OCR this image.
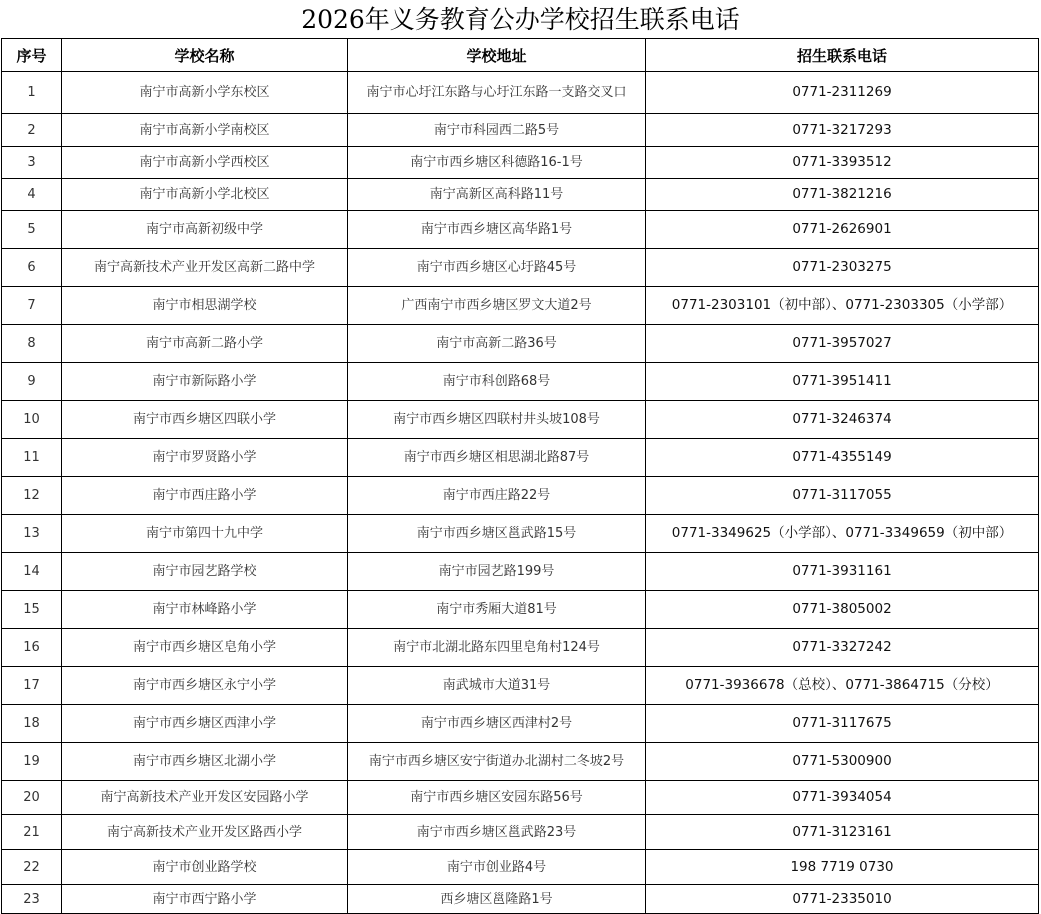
2026年义务教育公办学校招生联系电话
序号	学校名称	学校地址	招生联系电话
1	南宁市高新小学东校区	南宁市心圩江东路与心圩江东路一支路交叉口	0771-2311269
2	南宁市高新小学南校区	南宁市科园西二路5号	0771-3217293
3	南宁市高新小学西校区	南宁市西乡塘区科德路16-1号	0771-3393512
4	南宁市高新小学北校区	南宁高新区高科路11号	0771-3821216
5	南宁市高新初级中学	南宁市西乡塘区高华路1号	0771-2626901
6	南宁高新技术产业开发区高新二路中学	南宁市西乡塘区心圩路45号	0771-2303275
7	南宁市相思湖学校	广西南宁市西乡塘区罗文大道2号	0771-2303101（初中部）、0771-2303305（小学部）
8	南宁市高新二路小学	南宁市高新二路36号	0771-3957027
9	南宁市新际路小学	南宁市科创路68号	0771-3951411
10	南宁市西乡塘区四联小学	南宁市西乡塘区四联村井头坡108号	0771-3246374
11	南宁市罗贤路小学	南宁市西乡塘区相思湖北路87号	0771-4355149
12	南宁市西庄路小学	南宁市西庄路22号	0771-3117055
13	南宁市第四十九中学	南宁市西乡塘区邕武路15号	0771-3349625（小学部）、0771-3349659（初中部）
14	南宁市园艺路学校	南宁市园艺路199号	0771-3931161
15	南宁市林峰路小学	南宁市秀厢大道81号	0771-3805002
16	南宁市西乡塘区皂角小学	南宁市北湖北路东四里皂角村124号	0771-3327242
17	南宁市西乡塘区永宁小学	南武城市大道31号	0771-3936678（总校）、0771-3864715（分校）
18	南宁市西乡塘区西津小学	南宁市西乡塘区西津村2号	0771-3117675
19	南宁市西乡塘区北湖小学	南宁市西乡塘区安宁街道办北湖村二冬坡2号	0771-5300900
20	南宁高新技术产业开发区安园路小学	南宁市西乡塘区安园东路56号	0771-3934054
21	南宁高新技术产业开发区路西小学	南宁市西乡塘区邕武路23号	0771-3123161
22	南宁市创业路学校	南宁市创业路4号	198 7719 0730
23	南宁市西宁路小学	西乡塘区邕隆路1号	0771-2335010
